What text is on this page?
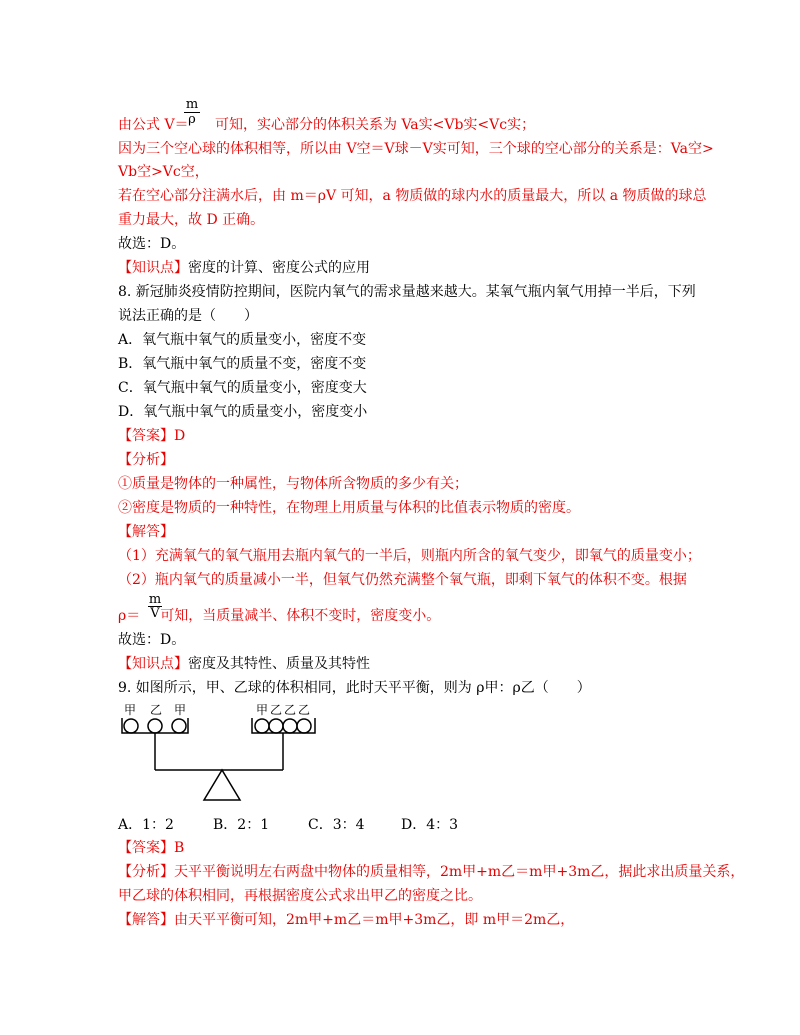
m
ρ
由公式 V＝ 可知，实心部分的体积关系为 Va实<Vb实<Vc实；
因为三个空心球的体积相等，所以由 V空＝V球－V实可知，三个球的空心部分的关系是：Va空>
Vb空>Vc空，
若在空心部分注满水后，由 m＝ρV 可知，a 物质做的球内水的质量最大，所以 a 物质做的球总
重力最大，故 D 正确。
故选：D。
【知识点】密度的计算、密度公式的应用
8. 新冠肺炎疫情防控期间，医院内氧气的需求量越来越大。某氧气瓶内氧气用掉一半后，下列
说法正确的是（　　）
A．氧气瓶中氧气的质量变小，密度不变
B．氧气瓶中氧气的质量不变，密度不变
C．氧气瓶中氧气的质量变小，密度变大
D．氧气瓶中氧气的质量变小，密度变小
【答案】D
【分析】
①质量是物体的一种属性，与物体所含物质的多少有关；
②密度是物质的一种特性，在物理上用质量与体积的比值表示物质的密度。
【解答】
（1）充满氧气的氧气瓶用去瓶内氧气的一半后，则瓶内所含的氧气变少，即氧气的质量变小；
（2）瓶内氧气的质量减小一半，但氧气仍然充满整个氧气瓶，即剩下氧气的体积不变。根据
m
V
ρ＝ 可知，当质量减半、体积不变时，密度变小。
故选：D。
【知识点】密度及其特性、质量及其特性
9. 如图所示，甲、乙球的体积相同，此时天平平衡，则为 ρ甲：ρ乙（　　）
甲 乙 甲	甲 乙 乙 乙
A．1：2	B．2：1	C．3：4	D．4：3
【答案】B
【分析】天平平衡说明左右两盘中物体的质量相等，2m甲+m乙＝m甲+3m乙，据此求出质量关系，
甲乙球的体积相同，再根据密度公式求出甲乙的密度之比。
【解答】由天平平衡可知，2m甲+m乙＝m甲+3m乙，即 m甲＝2m乙，
